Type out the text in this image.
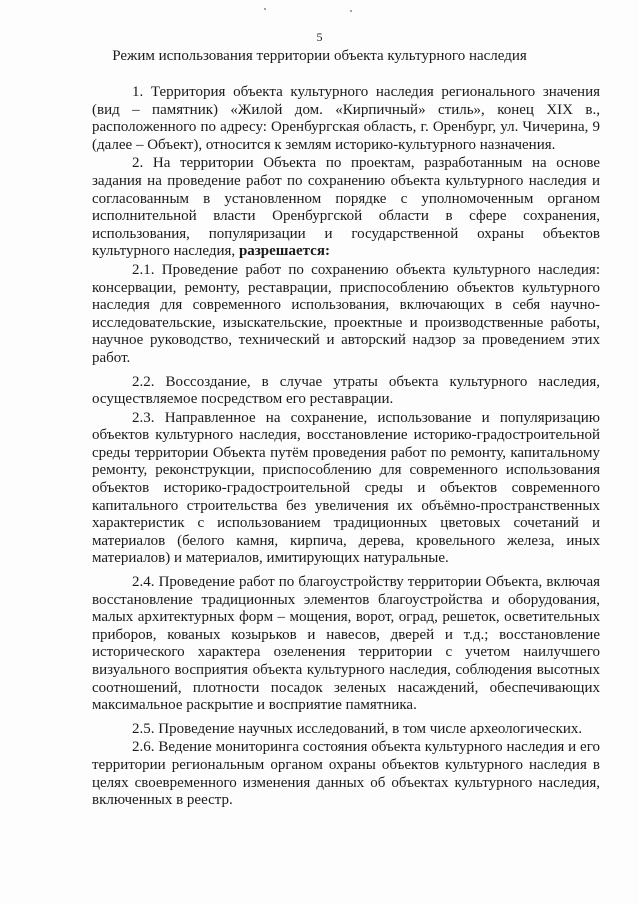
5
Режим использования территории объекта культурного наследия

1. Территория объекта культурного наследия регионального значения (вид – памятник) «Жилой дом. «Кирпичный» стиль», конец XIX в., расположенного по адресу: Оренбургская область, г. Оренбург, ул. Чичерина, 9 (далее – Объект), относится к землям историко-культурного назначения.

2. На территории Объекта по проектам, разработанным на основе задания на проведение работ по сохранению объекта культурного наследия и согласованным в установленном порядке с уполномоченным органом исполнительной власти Оренбургской области в сфере сохранения, использования, популяризации и государственной охраны объектов культурного наследия, разрешается:

2.1. Проведение работ по сохранению объекта культурного наследия: консервации, ремонту, реставрации, приспособлению объектов культурного наследия для современного использования, включающих в себя научно-исследовательские, изыскательские, проектные и производственные работы, научное руководство, технический и авторский надзор за проведением этих работ.

2.2. Воссоздание, в случае утраты объекта культурного наследия, осуществляемое посредством его реставрации.

2.3. Направленное на сохранение, использование и популяризацию объектов культурного наследия, восстановление историко-градостроительной среды территории Объекта путём проведения работ по ремонту, капитальному ремонту, реконструкции, приспособлению для современного использования объектов историко-градостроительной среды и объектов современного капитального строительства без увеличения их объёмно-пространственных характеристик с использованием традиционных цветовых сочетаний и материалов (белого камня, кирпича, дерева, кровельного железа, иных материалов) и материалов, имитирующих натуральные.

2.4. Проведение работ по благоустройству территории Объекта, включая восстановление традиционных элементов благоустройства и оборудования, малых архитектурных форм – мощения, ворот, оград, решеток, осветительных приборов, кованых козырьков и навесов, дверей и т.д.; восстановление исторического характера озеленения территории с учетом наилучшего визуального восприятия объекта культурного наследия, соблюдения высотных соотношений, плотности посадок зеленых насаждений, обеспечивающих максимальное раскрытие и восприятие памятника.

2.5. Проведение научных исследований, в том числе археологических.

2.6. Ведение мониторинга состояния объекта культурного наследия и его территории региональным органом охраны объектов культурного наследия в целях своевременного изменения данных об объектах культурного наследия, включенных в реестр.
